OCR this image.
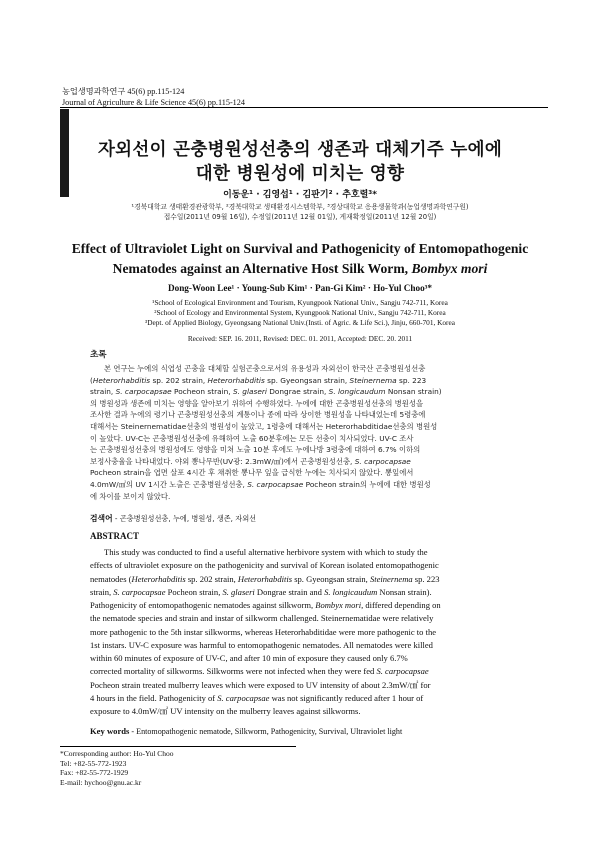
농업생명과학연구 45(6) pp.115-124
Journal of Agriculture & Life Science 45(6) pp.115-124
자외선이 곤충병원성선충의 생존과 대체기주 누에에
대한 병원성에 미치는 영향
이동운¹ · 김영섭¹ · 김판기² · 추호렬³*
¹경북대학교 생태환경관광학부, ²경북대학교 생태환경시스템학부, ³경상대학교 응용생물학과(농업생명과학연구원)
접수일(2011년 09월 16일), 수정일(2011년 12월 01일), 게재확정일(2011년 12월 20일)
Effect of Ultraviolet Light on Survival and Pathogenicity of Entomopathogenic
Nematodes against an Alternative Host Silk Worm, Bombyx mori
Dong-Woon Lee¹ · Young-Sub Kim¹ · Pan-Gi Kim² · Ho-Yul Choo³*
¹School of Ecological Environment and Tourism, Kyungpook National Univ., Sangju 742-711, Korea
²School of Ecology and Environmental System, Kyungpook National Univ., Sangju 742-711, Korea
³Dept. of Applied Biology, Gyeongsang National Univ.(Insti. of Agric. & Life Sci.), Jinju, 660-701, Korea
Received: SEP. 16. 2011, Revised: DEC. 01. 2011, Accepted: DEC. 20. 2011
초록
본 연구는 누에의 식엽성 곤충을 대체할 실험곤충으로서의 유용성과 자외선이 한국산 곤충병원성선충
(Heterorhabditis sp. 202 strain, Heterorhabditis sp. Gyeongsan strain, Steinernema sp. 223
strain, S. carpocapsae Pocheon strain, S. glaseri Dongrae strain, S. longicaudum Nonsan strain)
의 병원성과 생존에 미치는 영향을 알아보기 위하여 수행하였다. 누에에 대한 곤충병원성선충의 병원성을
조사한 결과 누에의 령기나 곤충병원성선충의 계통이나 종에 따라 상이한 병원성을 나타내었는데 5령충에
대해서는 Steinernematidae선충의 병원성이 높았고, 1령충에 대해서는 Heterorhabditidae선충의 병원성
이 높았다. UV-C는 곤충병원성선충에 유해하여 노출 60분후에는 모든 선충이 치사되었다. UV-C 조사
는 곤충병원성선충의 병원성에도 영향을 미쳐 노출 10분 후에도 누에나방 3령충에 대하여 6.7% 이하의
보정사충율을 나타내었다. 야외 뽕나무반(UV광: 2.3mW/㎠)에서 곤충병원성선충, S. carpocapsae
Pocheon strain을 엽면 살포 4시간 후 채취한 뽕나무 잎을 급식한 누에는 치사되지 않았다. 뽕잎에서
4.0mW/㎠의 UV 1시간 노출은 곤충병원성선충, S. carpocapsae Pocheon strain의 누에에 대한 병원성
에 차이를 보이지 않았다.
검색어 - 곤충병원성선충, 누에, 병원성, 생존, 자외선
ABSTRACT
This study was conducted to find a useful alternative herbivore system with which to study the
effects of ultraviolet exposure on the pathogenicity and survival of Korean isolated entomopathogenic
nematodes (Heterorhabditis sp. 202 strain, Heterorhabditis sp. Gyeongsan strain, Steinernema sp. 223
strain, S. carpocapsae Pocheon strain, S. glaseri Dongrae strain and S. longicaudum Nonsan strain).
Pathogenicity of entomopathogenic nematodes against silkworm, Bombyx mori, differed depending on
the nematode species and strain and instar of silkworm challenged. Steinernematidae were relatively
more pathogenic to the 5th instar silkworms, whereas Heterorhabditidae were more pathogenic to the
1st instars. UV-C exposure was harmful to entomopathogenic nematodes. All nematodes were killed
within 60 minutes of exposure of UV-C, and after 10 min of exposure they caused only 6.7%
corrected mortality of silkworms. Silkworms were not infected when they were fed S. carpocapsae
Pocheon strain treated mulberry leaves which were exposed to UV intensity of about 2.3mW/㎠ for
4 hours in the field. Pathogenicity of S. carpocapsae was not significantly reduced after 1 hour of
exposure to 4.0mW/㎠ UV intensity on the mulberry leaves against silkworms.
Key words - Entomopathogenic nematode, Silkworm, Pathogenicity, Survival, Ultraviolet light
*Corresponding author: Ho-Yul Choo
Tel: +82-55-772-1923
Fax: +82-55-772-1929
E-mail: hychoo@gnu.ac.kr
